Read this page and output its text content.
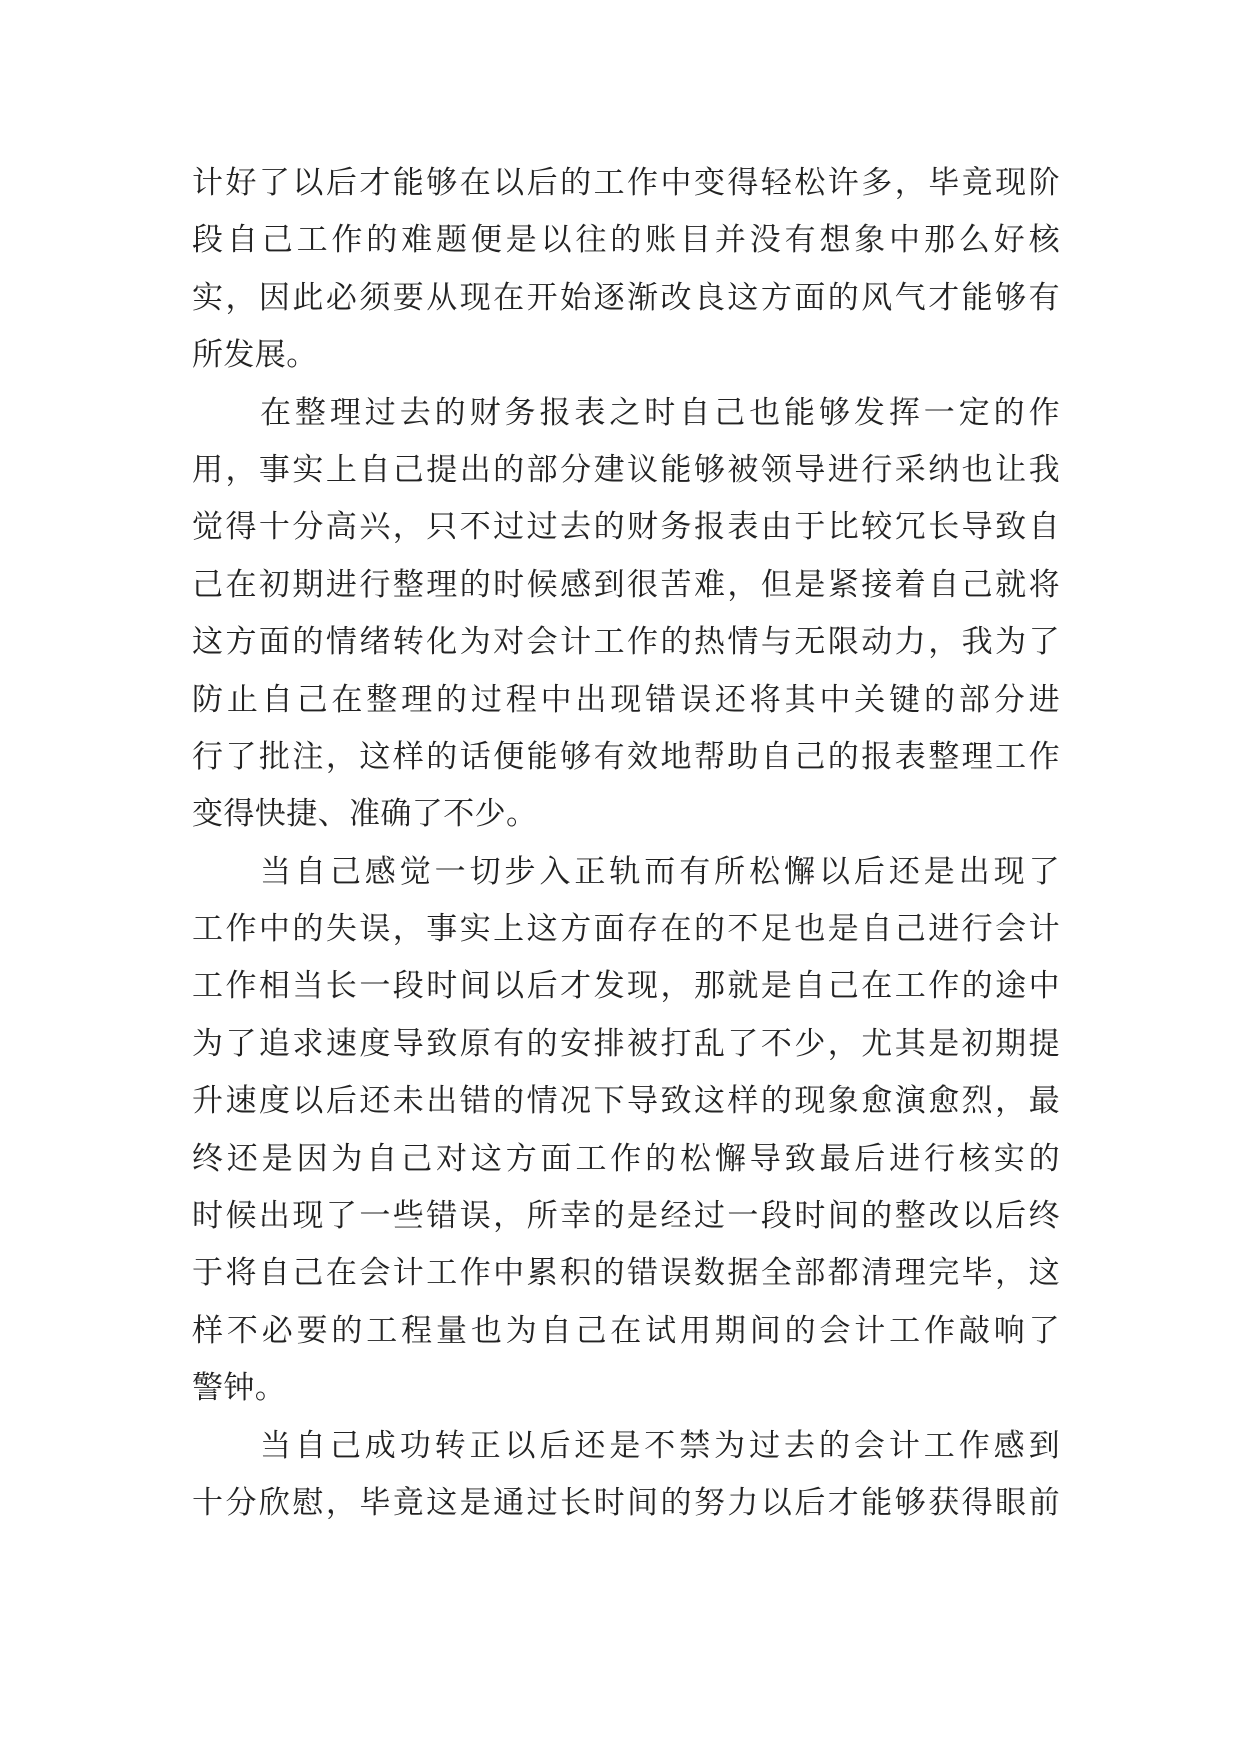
计好了以后才能够在以后的工作中变得轻松许多，毕竟现阶
段自己工作的难题便是以往的账目并没有想象中那么好核
实，因此必须要从现在开始逐渐改良这方面的风气才能够有
所发展。
在整理过去的财务报表之时自己也能够发挥一定的作
用，事实上自己提出的部分建议能够被领导进行采纳也让我
觉得十分高兴，只不过过去的财务报表由于比较冗长导致自
己在初期进行整理的时候感到很苦难，但是紧接着自己就将
这方面的情绪转化为对会计工作的热情与无限动力，我为了
防止自己在整理的过程中出现错误还将其中关键的部分进
行了批注，这样的话便能够有效地帮助自己的报表整理工作
变得快捷、准确了不少。
当自己感觉一切步入正轨而有所松懈以后还是出现了
工作中的失误，事实上这方面存在的不足也是自己进行会计
工作相当长一段时间以后才发现，那就是自己在工作的途中
为了追求速度导致原有的安排被打乱了不少，尤其是初期提
升速度以后还未出错的情况下导致这样的现象愈演愈烈，最
终还是因为自己对这方面工作的松懈导致最后进行核实的
时候出现了一些错误，所幸的是经过一段时间的整改以后终
于将自己在会计工作中累积的错误数据全部都清理完毕，这
样不必要的工程量也为自己在试用期间的会计工作敲响了
警钟。
当自己成功转正以后还是不禁为过去的会计工作感到
十分欣慰，毕竟这是通过长时间的努力以后才能够获得眼前
